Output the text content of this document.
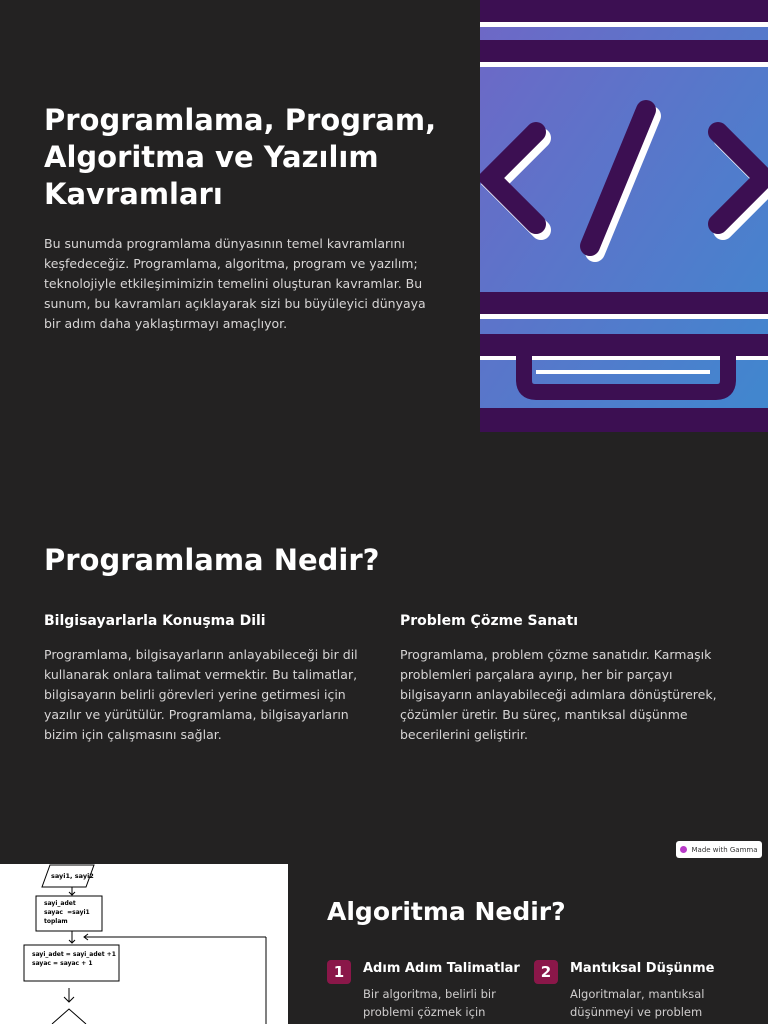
Programlama, Program, Algoritma ve Yazılım Kavramları

Bu sunumda programlama dünyasının temel kavramlarını keşfedeceğiz. Programlama, algoritma, program ve yazılım; teknolojiyle etkileşimimizin temelini oluşturan kavramlar. Bu sunum, bu kavramları açıklayarak sizi bu büyüleyici dünyaya bir adım daha yaklaştırmayı amaçlıyor.

Programlama Nedir?

Bilgisayarlarla Konuşma Dili

Programlama, bilgisayarların anlayabileceği bir dil kullanarak onlara talimat vermektir. Bu talimatlar, bilgisayarın belirli görevleri yerine getirmesi için yazılır ve yürütülür. Programlama, bilgisayarların bizim için çalışmasını sağlar.

Problem Çözme Sanatı

Programlama, problem çözme sanatıdır. Karmaşık problemleri parçalara ayırıp, her bir parçayı bilgisayarın anlayabileceği adımlara dönüştürerek, çözümler üretir. Bu süreç, mantıksal düşünme becerilerini geliştirir.

Made with Gamma
sayi1, sayi2
sayi_adet
sayac  =sayi1
toplam
sayi_adet = sayi_adet +1
sayac = sayac + 1
Algoritma Nedir?
1	Adım Adım Talimatlar

Bir algoritma, belirli bir problemi çözmek için

2	Mantıksal Düşünme

Algoritmalar, mantıksal düşünmeyi ve problem
